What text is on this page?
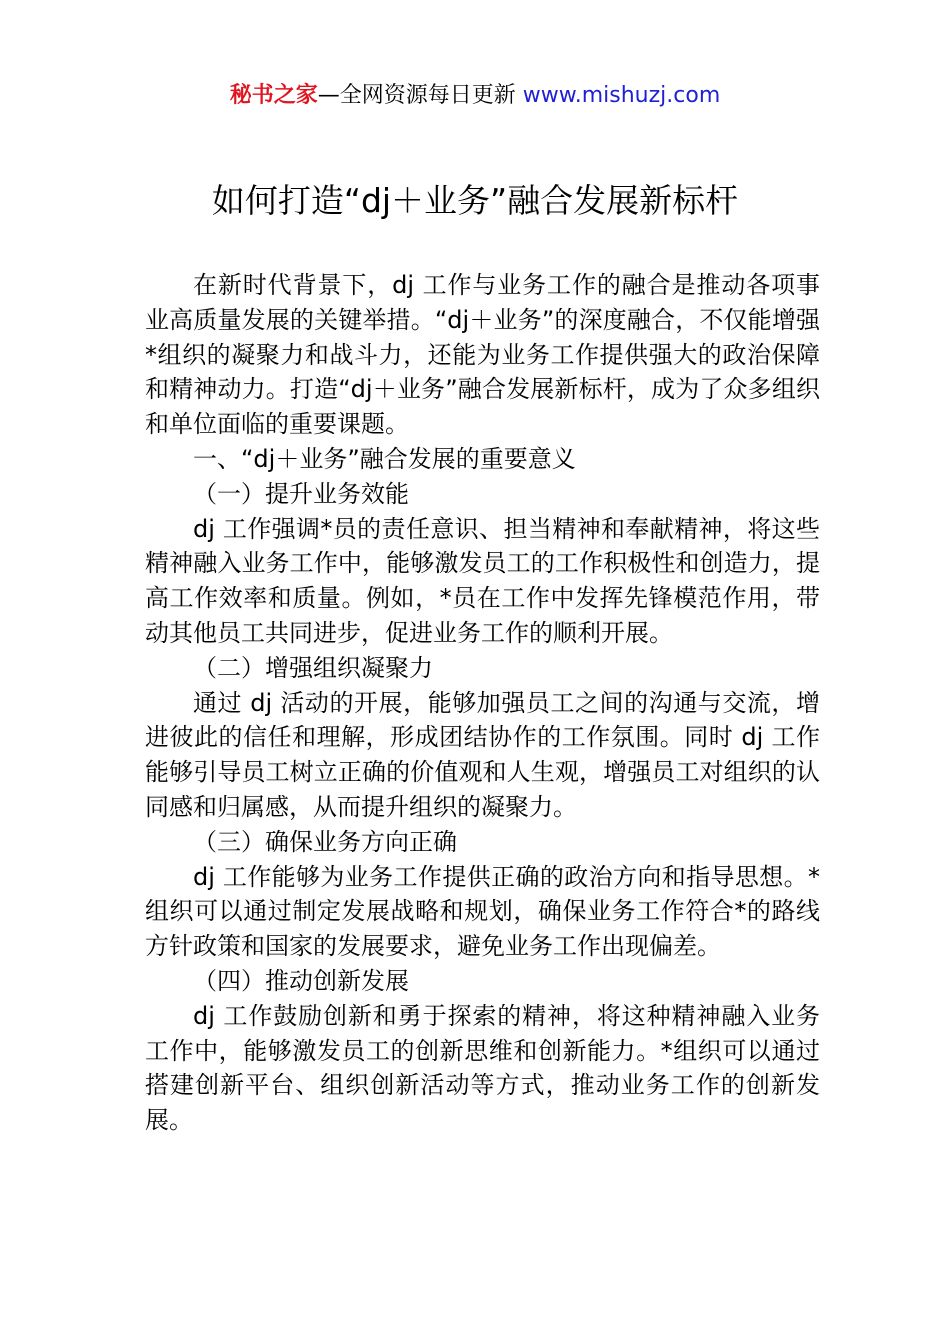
秘书之家—全网资源每日更新 www.mishuzj.com
如何打造“dj＋业务”融合发展新标杆

在新时代背景下，dj 工作与业务工作的融合是推动各项事业高质量发展的关键举措。“dj＋业务”的深度融合，不仅能增强*组织的凝聚力和战斗力，还能为业务工作提供强大的政治保障和精神动力。打造“dj＋业务”融合发展新标杆，成为了众多组织和单位面临的重要课题。

一、“dj＋业务”融合发展的重要意义

（一）提升业务效能

dj 工作强调*员的责任意识、担当精神和奉献精神，将这些精神融入业务工作中，能够激发员工的工作积极性和创造力，提高工作效率和质量。例如，*员在工作中发挥先锋模范作用，带动其他员工共同进步，促进业务工作的顺利开展。

（二）增强组织凝聚力

通过 dj 活动的开展，能够加强员工之间的沟通与交流，增进彼此的信任和理解，形成团结协作的工作氛围。同时 dj 工作能够引导员工树立正确的价值观和人生观，增强员工对组织的认同感和归属感，从而提升组织的凝聚力。

（三）确保业务方向正确

dj 工作能够为业务工作提供正确的政治方向和指导思想。*组织可以通过制定发展战略和规划，确保业务工作符合*的路线方针政策和国家的发展要求，避免业务工作出现偏差。

（四）推动创新发展

dj 工作鼓励创新和勇于探索的精神，将这种精神融入业务工作中，能够激发员工的创新思维和创新能力。*组织可以通过搭建创新平台、组织创新活动等方式，推动业务工作的创新发展。
